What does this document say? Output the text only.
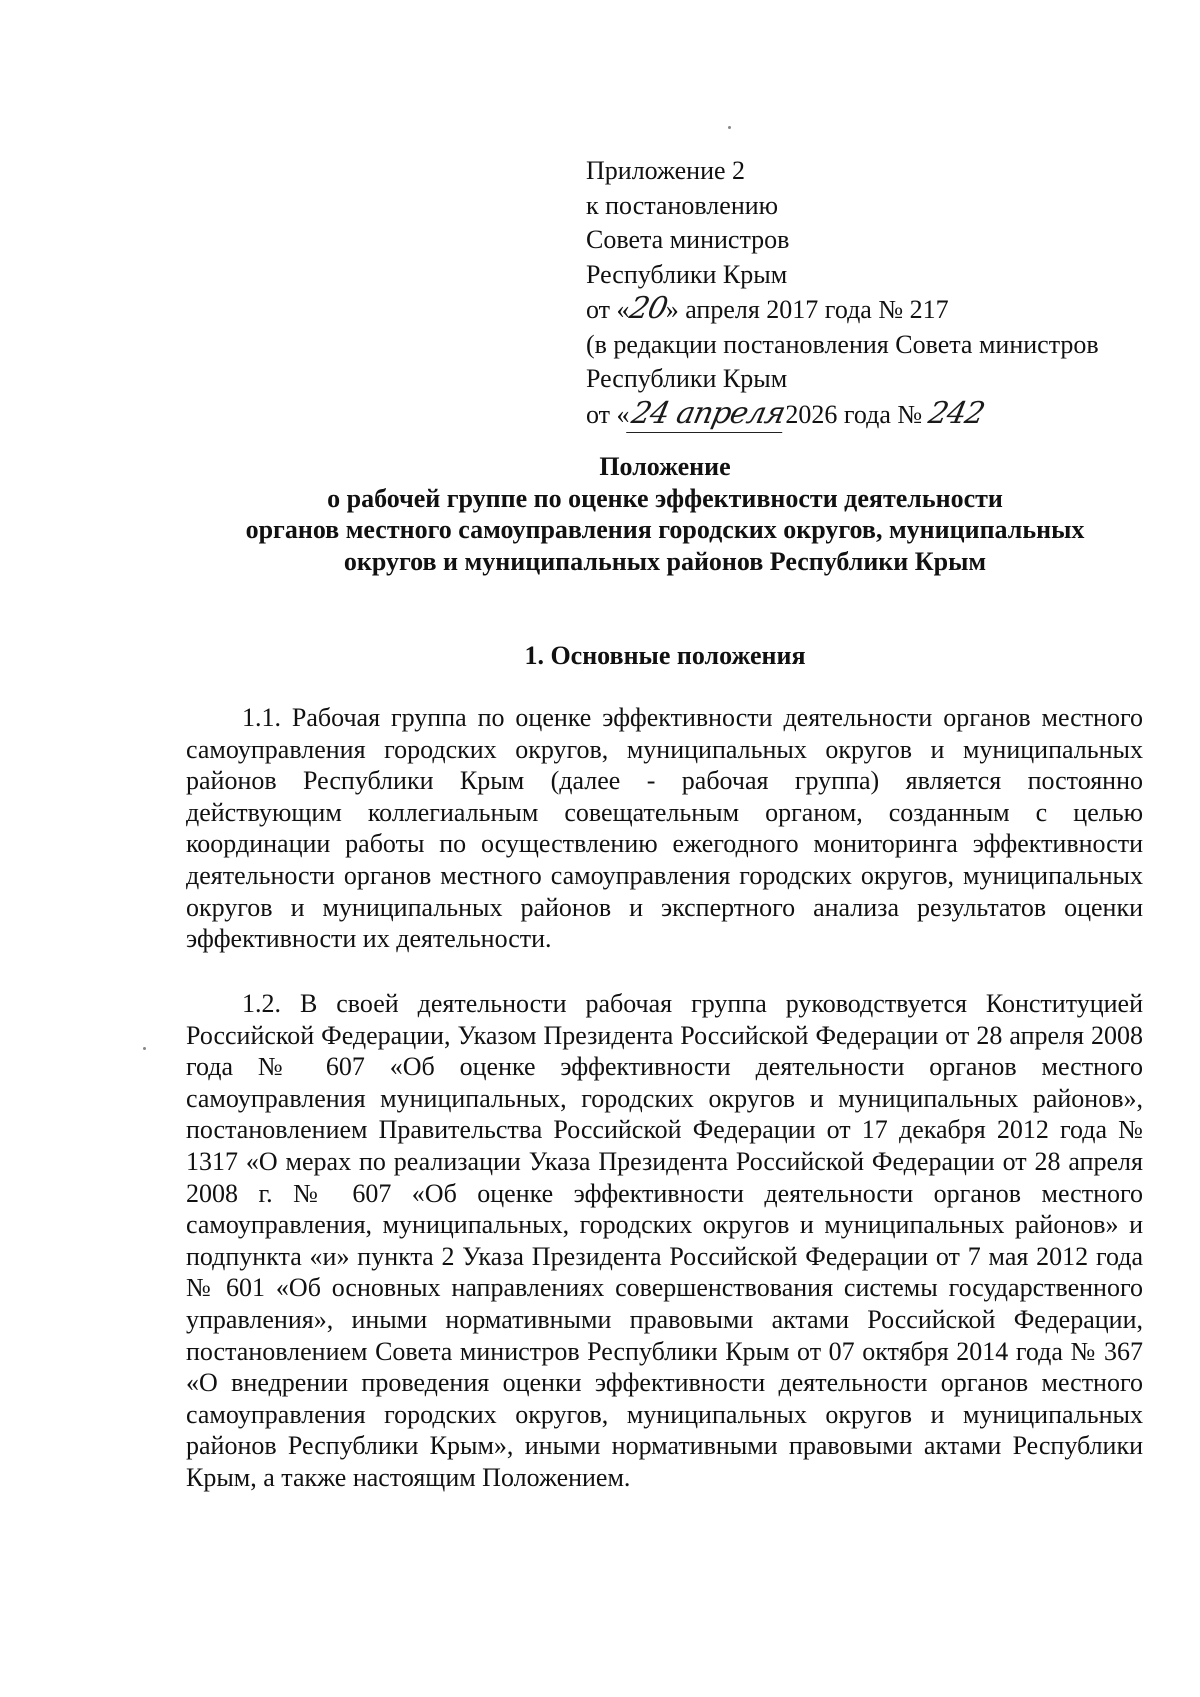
Приложение 2
к постановлению
Совета министров
Республики Крым
от «20» апреля 2017 года № 217
(в редакции постановления Совета министров
Республики Крым
от «24 апреля2026 года № 242
Положение
о рабочей группе по оценке эффективности деятельности
органов местного самоуправления городских округов, муниципальных
округов и муниципальных районов Республики Крым
1. Основные положения

1.1. Рабочая группа по оценке эффективности деятельности органов местного самоуправления городских округов, муниципальных округов и муниципальных районов Республики Крым (далее - рабочая группа) является постоянно действующим коллегиальным совещательным органом, созданным с целью координации работы по осуществлению ежегодного мониторинга эффективности деятельности органов местного самоуправления городских округов, муниципальных округов и муниципальных районов и экспертного анализа результатов оценки эффективности их деятельности.

1.2. В своей деятельности рабочая группа руководствуется Конституцией Российской Федерации, Указом Президента Российской Федерации от 28 апреля 2008 года № 607 «Об оценке эффективности деятельности органов местного самоуправления муниципальных, городских округов и муниципальных районов», постановлением Правительства Российской Федерации от 17 декабря 2012 года № 1317 «О мерах по реализации Указа Президента Российской Федерации от 28 апреля 2008 г. № 607 «Об оценке эффективности деятельности органов местного самоуправления, муниципальных, городских округов и муниципальных районов» и подпункта «и» пункта 2 Указа Президента Российской Федерации от 7 мая 2012 года № 601 «Об основных направлениях совершенствования системы государственного управления», иными нормативными правовыми актами Российской Федерации, постановлением Совета министров Республики Крым от 07 октября 2014 года № 367 «О внедрении проведения оценки эффективности деятельности органов местного самоуправления городских округов, муниципальных округов и муниципальных районов Республики Крым», иными нормативными правовыми актами Республики Крым, а также настоящим Положением.
